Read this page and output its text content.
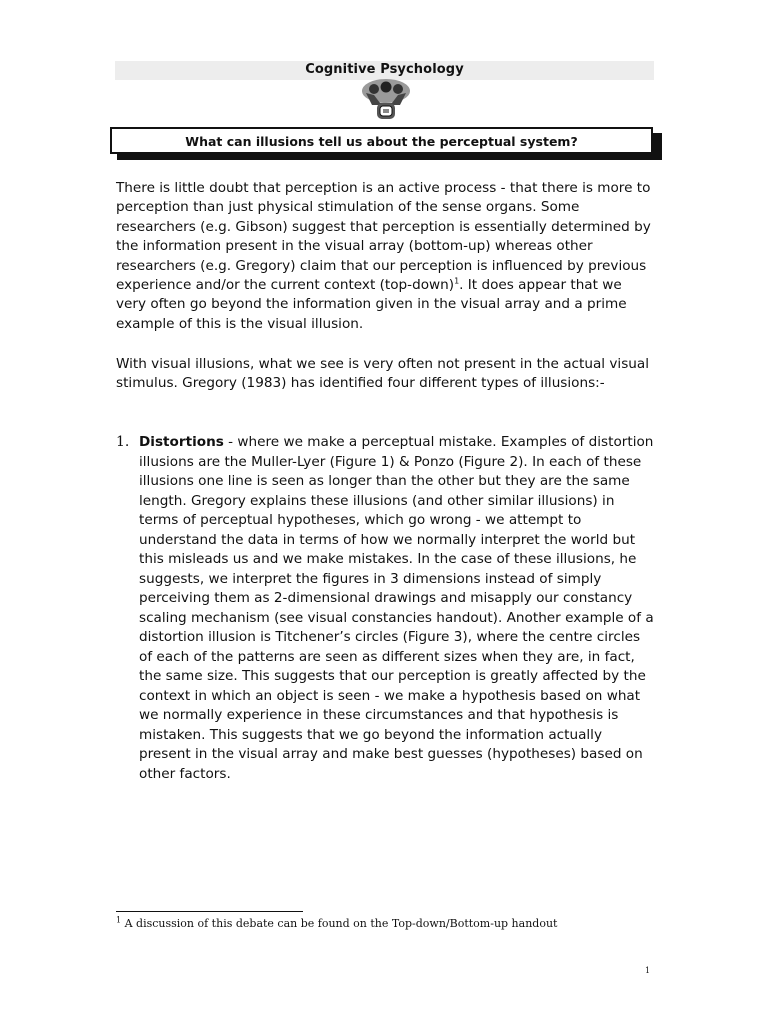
Cognitive Psychology
What can illusions tell us about the perceptual system?

There is little doubt that perception is an active process - that there is more to perception than just physical stimulation of the sense organs. Some researchers (e.g. Gibson) suggest that perception is essentially determined by the information present in the visual array (bottom-up) whereas other researchers (e.g. Gregory) claim that our perception is influenced by previous experience and/or the current context (top-down)$^1$. It does appear that we very often go beyond the information given in the visual array and a prime example of this is the visual illusion.

With visual illusions, what we see is very often not present in the actual visual stimulus. Gregory (1983) has identified four different types of illusions:-

1. Distortions - where we make a perceptual mistake. Examples of distortion illusions are the Muller-Lyer (Figure 1) & Ponzo (Figure 2). In each of these illusions one line is seen as longer than the other but they are the same length. Gregory explains these illusions (and other similar illusions) in terms of perceptual hypotheses, which go wrong - we attempt to understand the data in terms of how we normally interpret the world but this misleads us and we make mistakes. In the case of these illusions, he suggests, we interpret the figures in 3 dimensions instead of simply perceiving them as 2-dimensional drawings and misapply our constancy scaling mechanism (see visual constancies handout). Another example of a distortion illusion is Titchener’s circles (Figure 3), where the centre circles of each of the patterns are seen as different sizes when they are, in fact, the same size. This suggests that our perception is greatly affected by the context in which an object is seen - we make a hypothesis based on what we normally experience in these circumstances and that hypothesis is mistaken. This suggests that we go beyond the information actually present in the visual array and make best guesses (hypotheses) based on other factors.

$^1$ A discussion of this debate can be found on the Top-down/Bottom-up handout
1
